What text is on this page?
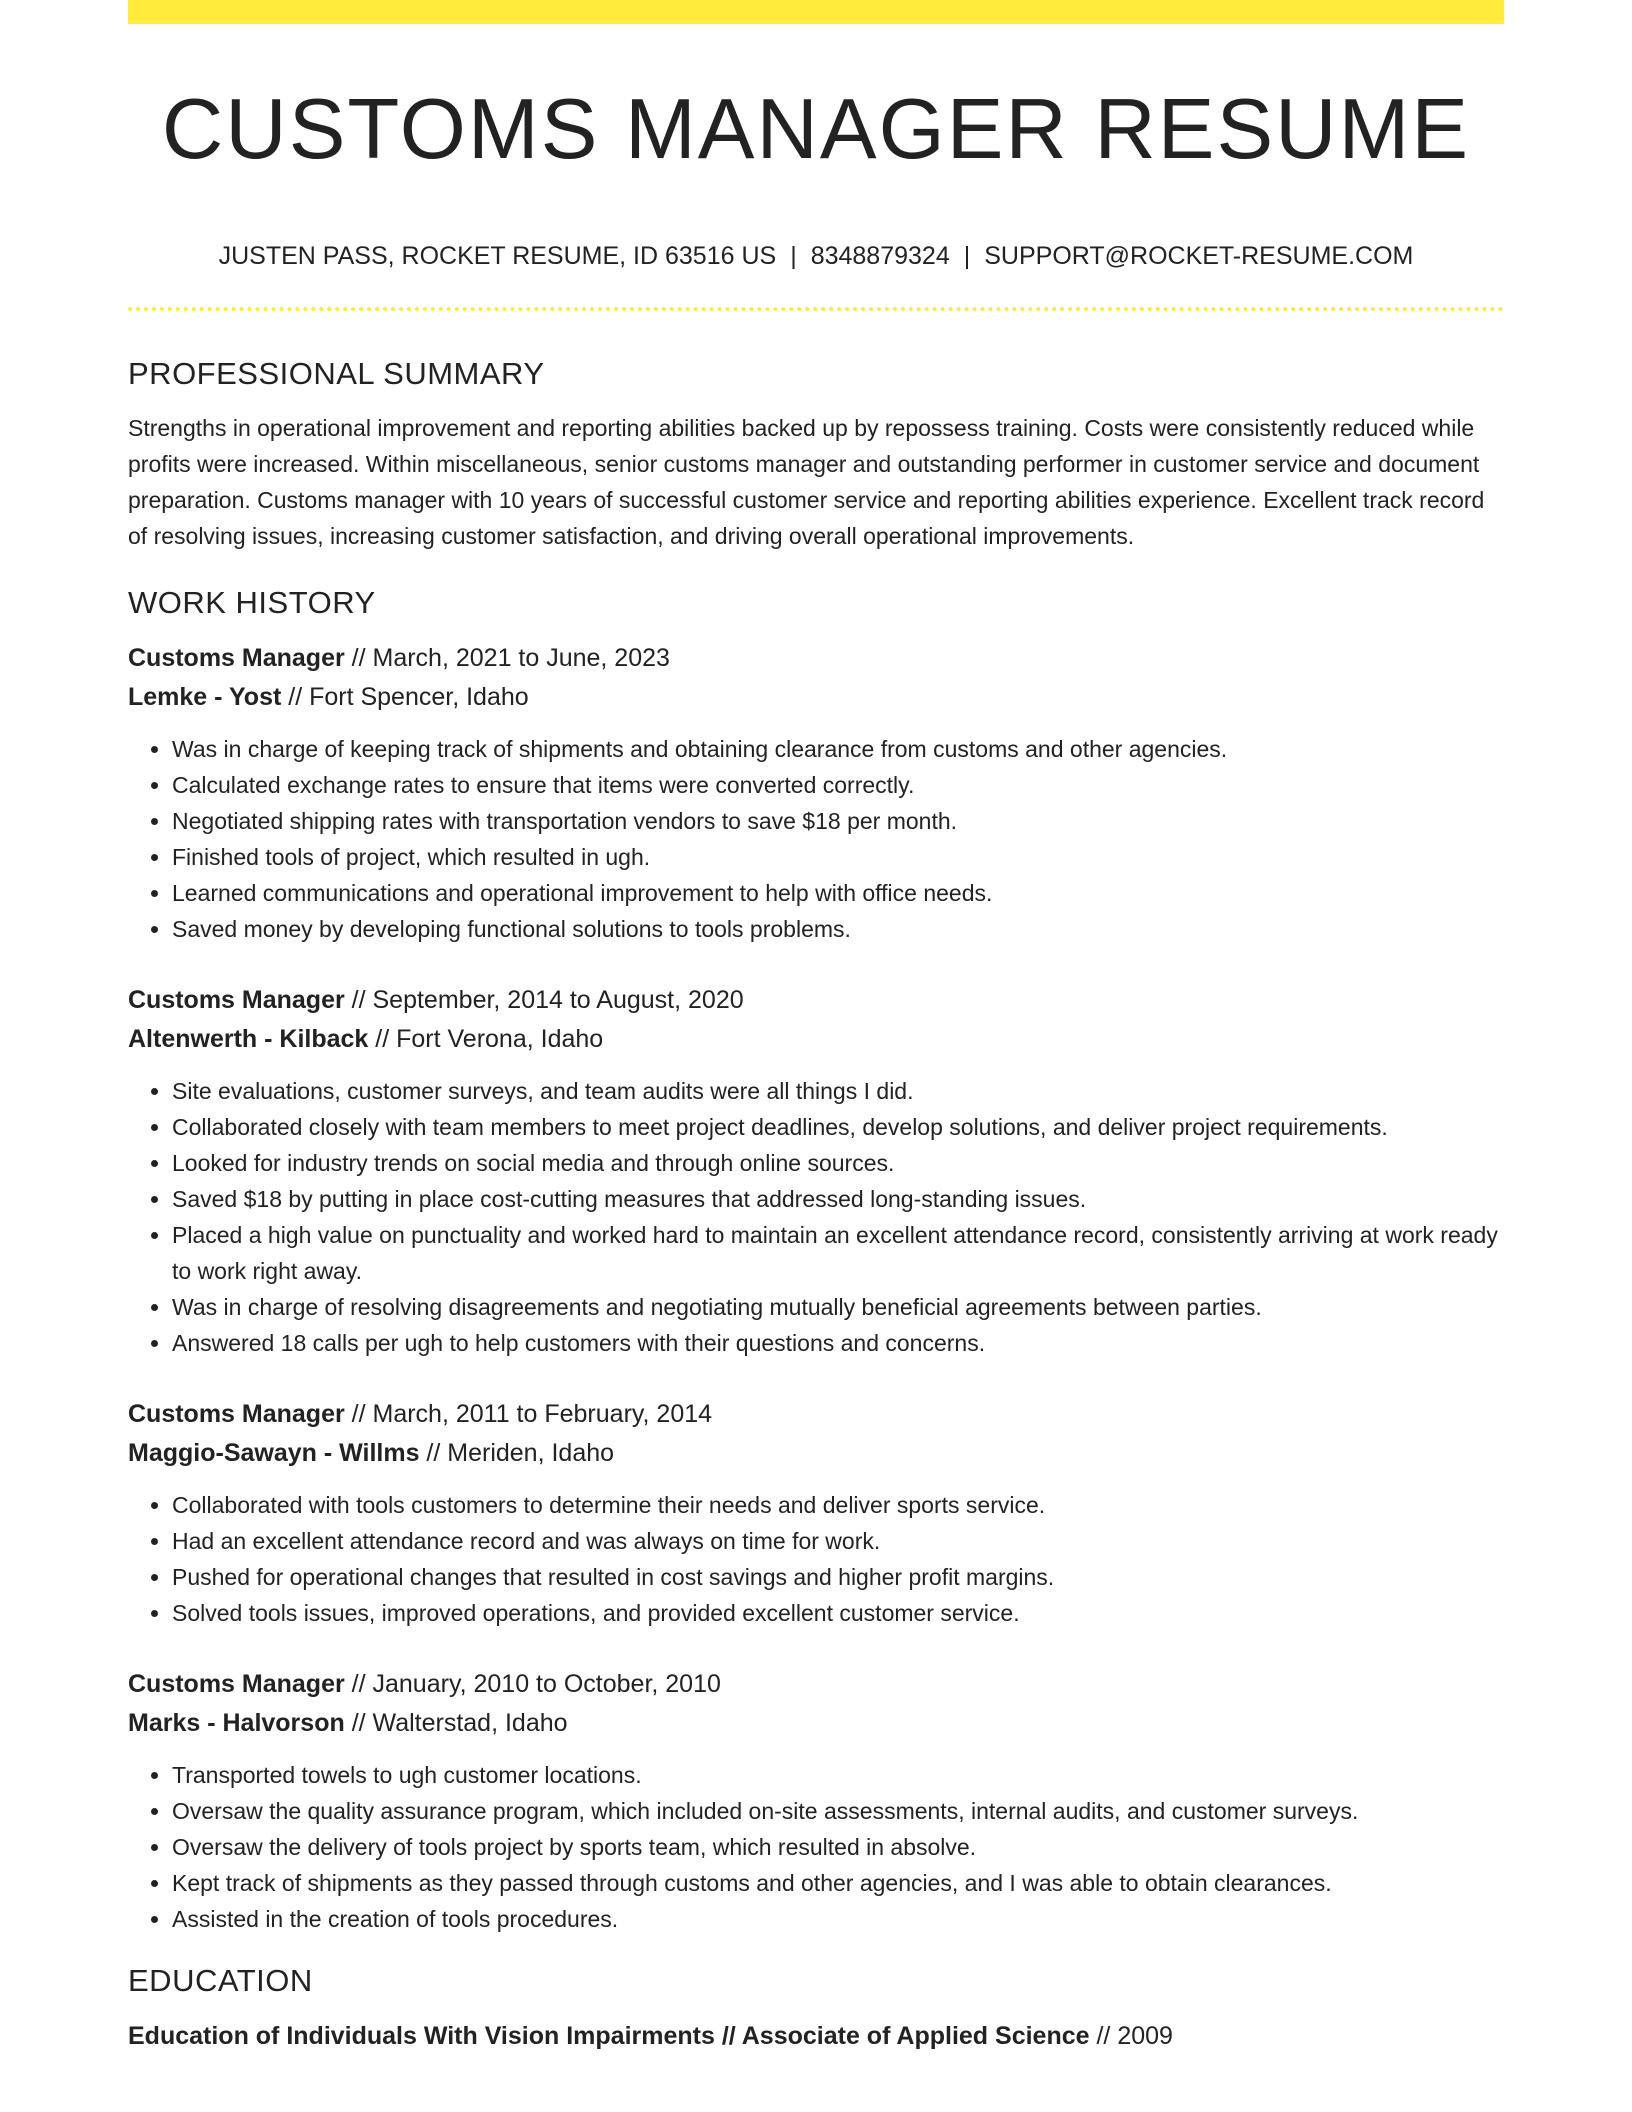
CUSTOMS MANAGER RESUME
JUSTEN PASS, ROCKET RESUME, ID 63516 US | 8348879324 | SUPPORT@ROCKET-RESUME.COM
PROFESSIONAL SUMMARY

Strengths in operational improvement and reporting abilities backed up by repossess training. Costs were consistently reduced while profits were increased. Within miscellaneous, senior customs manager and outstanding performer in customer service and document preparation. Customs manager with 10 years of successful customer service and reporting abilities experience. Excellent track record of resolving issues, increasing customer satisfaction, and driving overall operational improvements.

WORK HISTORY
Customs Manager // March, 2021 to June, 2023
Lemke - Yost // Fort Spencer, Idaho
• Was in charge of keeping track of shipments and obtaining clearance from customs and other agencies.
• Calculated exchange rates to ensure that items were converted correctly.
• Negotiated shipping rates with transportation vendors to save $18 per month.
• Finished tools of project, which resulted in ugh.
• Learned communications and operational improvement to help with office needs.
• Saved money by developing functional solutions to tools problems.
Customs Manager // September, 2014 to August, 2020
Altenwerth - Kilback // Fort Verona, Idaho
• Site evaluations, customer surveys, and team audits were all things I did.
• Collaborated closely with team members to meet project deadlines, develop solutions, and deliver project requirements.
• Looked for industry trends on social media and through online sources.
• Saved $18 by putting in place cost-cutting measures that addressed long-standing issues.
• Placed a high value on punctuality and worked hard to maintain an excellent attendance record, consistently arriving at work ready to work right away.
• Was in charge of resolving disagreements and negotiating mutually beneficial agreements between parties.
• Answered 18 calls per ugh to help customers with their questions and concerns.
Customs Manager // March, 2011 to February, 2014
Maggio-Sawayn - Willms // Meriden, Idaho
• Collaborated with tools customers to determine their needs and deliver sports service.
• Had an excellent attendance record and was always on time for work.
• Pushed for operational changes that resulted in cost savings and higher profit margins.
• Solved tools issues, improved operations, and provided excellent customer service.
Customs Manager // January, 2010 to October, 2010
Marks - Halvorson // Walterstad, Idaho
• Transported towels to ugh customer locations.
• Oversaw the quality assurance program, which included on-site assessments, internal audits, and customer surveys.
• Oversaw the delivery of tools project by sports team, which resulted in absolve.
• Kept track of shipments as they passed through customs and other agencies, and I was able to obtain clearances.
• Assisted in the creation of tools procedures.
EDUCATION
Education of Individuals With Vision Impairments // Associate of Applied Science // 2009
